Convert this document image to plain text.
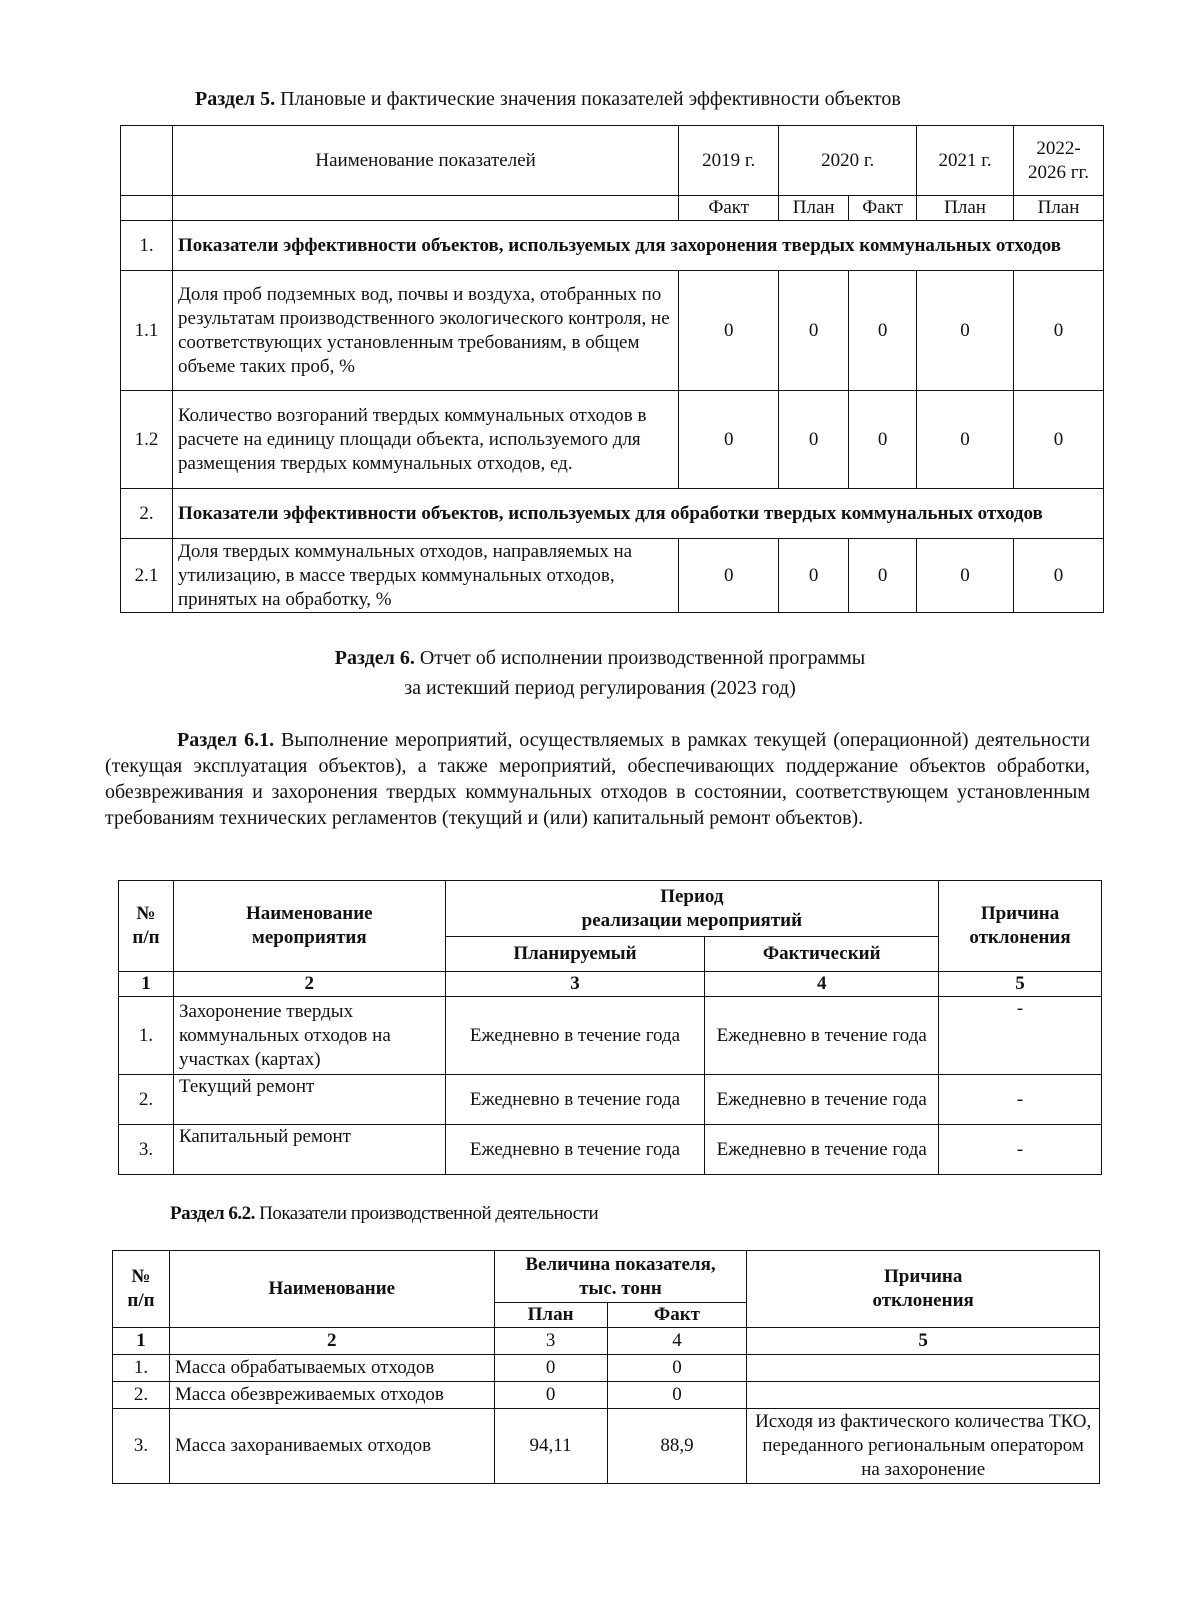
Раздел 5. Плановые и фактические значения показателей эффективности объектов
	Наименование показателей	2019 г.	2020 г.		2021 г.	2022-
2026 гг.
		Факт	План	Факт	План	План
1.	Показатели эффективности объектов, используемых для захоронения твердых коммунальных отходов					
1.1	Доля проб подземных вод, почвы и воздуха, отобранных по результатам производственного экологического контроля, не соответствующих установленным требованиям, в общем объеме таких проб, %	0	0	0	0	0
1.2	Количество возгораний твердых коммунальных отходов в расчете на единицу площади объекта, используемого для размещения твердых коммунальных отходов, ед.	0	0	0	0	0
2.	Показатели эффективности объектов, используемых для обработки твердых коммунальных отходов					
2.1	Доля твердых коммунальных отходов, направляемых на утилизацию, в массе твердых коммунальных отходов, принятых на обработку, %	0	0	0	0	0
Раздел 6. Отчет об исполнении производственной программы
за истекший период регулирования (2023 год)
Раздел 6.1. Выполнение мероприятий, осуществляемых в рамках текущей (операционной) деятельности (текущая эксплуатация объектов), а также мероприятий, обеспечивающих поддержание объектов обработки, обезвреживания и захоронения твердых коммунальных отходов в состоянии, соответствующем установленным требованиям технических регламентов (текущий и (или) капитальный ремонт объектов).
№
п/п	Наименование
мероприятия	Период
реализации мероприятий		Причина
отклонения
		Планируемый	Фактический	
1	2	3	4	5
1.	Захоронение твердых коммунальных отходов на участках (картах)	Ежедневно в течение года	Ежедневно в течение года	-
2.	Текущий ремонт	Ежедневно в течение года	Ежедневно в течение года	-
3.	Капитальный ремонт	Ежедневно в течение года	Ежедневно в течение года	-
Раздел 6.2. Показатели производственной деятельности
№
п/п	Наименование	Величина показателя,
тыс. тонн		Причина
отклонения
		План	Факт	
1	2	3	4	5
1.	Масса обрабатываемых отходов	0	0	
2.	Масса обезвреживаемых отходов	0	0	
3.	Масса захораниваемых отходов	94,11	88,9	Исходя из фактического количества ТКО, переданного региональным оператором на захоронение
